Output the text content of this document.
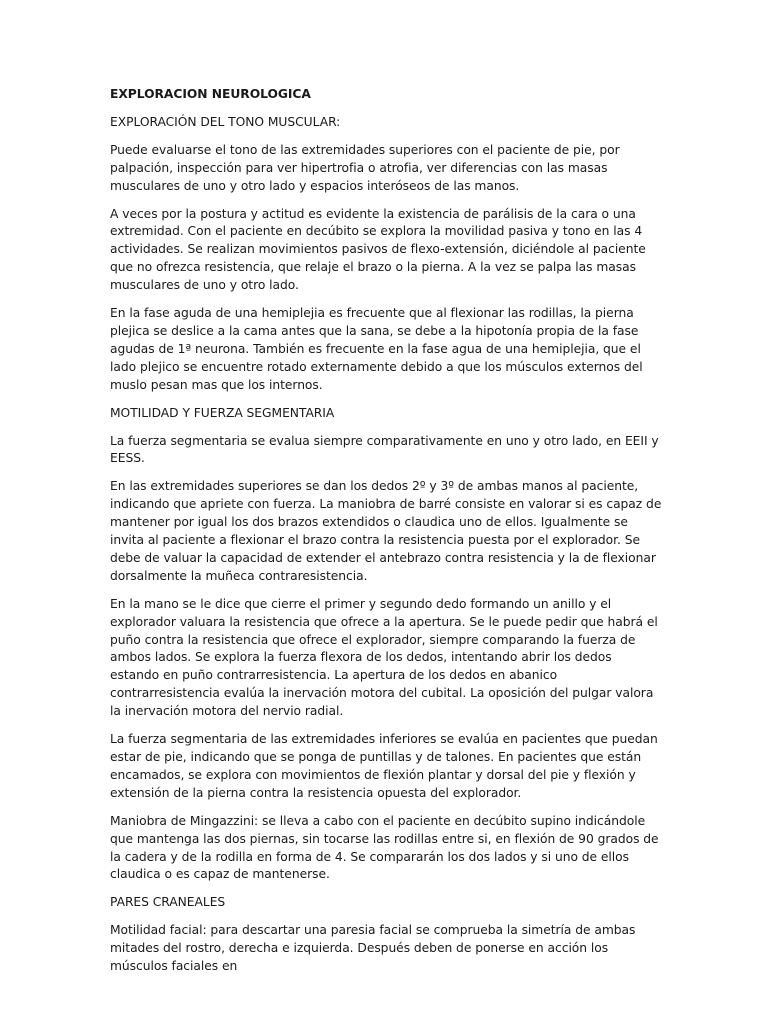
EXPLORACION NEUROLOGICA
EXPLORACIÓN DEL TONO MUSCULAR:

Puede evaluarse el tono de las extremidades superiores con el paciente de pie, por palpación, inspección para ver hipertrofia o atrofia, ver diferencias con las masas musculares de uno y otro lado y espacios interóseos de las manos.

A veces por la postura y actitud es evidente la existencia de parálisis de la cara o una extremidad. Con el paciente en decúbito se explora la movilidad pasiva y tono en las 4 actividades. Se realizan movimientos pasivos de flexo-extensión, diciéndole al paciente que no ofrezca resistencia, que relaje el brazo o la pierna. A la vez se palpa las masas musculares de uno y otro lado.

En la fase aguda de una hemiplejia es frecuente que al flexionar las rodillas, la pierna plejica se deslice a la cama antes que la sana, se debe a la hipotonía propia de la fase agudas de 1ª neurona. También es frecuente en la fase agua de una hemiplejia, que el lado plejico se encuentre rotado externamente debido a que los músculos externos del muslo pesan mas que los internos.

MOTILIDAD Y FUERZA SEGMENTARIA

La fuerza segmentaria se evalua siempre comparativamente en uno y otro lado, en EEII y EESS.

En las extremidades superiores se dan los dedos 2º y 3º de ambas manos al paciente, indicando que apriete con fuerza. La maniobra de barré consiste en valorar si es capaz de mantener por igual los dos brazos extendidos o claudica uno de ellos. Igualmente se invita al paciente a flexionar el brazo contra la resistencia puesta por el explorador. Se debe de valuar la capacidad de extender el antebrazo contra resistencia y la de flexionar dorsalmente la muñeca contraresistencia.

En la mano se le dice que cierre el primer y segundo dedo formando un anillo y el explorador valuara la resistencia que ofrece a la apertura. Se le puede pedir que habrá el puño contra la resistencia que ofrece el explorador, siempre comparando la fuerza de ambos lados. Se explora la fuerza flexora de los dedos, intentando abrir los dedos estando en puño contrarresistencia. La apertura de los dedos en abanico contrarresistencia evalúa la inervación motora del cubital. La oposición del pulgar valora la inervación motora del nervio radial.

La fuerza segmentaria de las extremidades inferiores se evalúa en pacientes que puedan estar de pie, indicando que se ponga de puntillas y de talones. En pacientes que están encamados, se explora con movimientos de flexión plantar y dorsal del pie y flexión y extensión de la pierna contra la resistencia opuesta del explorador.

Maniobra de Mingazzini: se lleva a cabo con el paciente en decúbito supino indicándole que mantenga las dos piernas, sin tocarse las rodillas entre si, en flexión de 90 grados de la cadera y de la rodilla en forma de 4. Se compararán los dos lados y si uno de ellos claudica o es capaz de mantenerse.

PARES CRANEALES

Motilidad facial: para descartar una paresia facial se comprueba la simetría de ambas mitades del rostro, derecha e izquierda. Después deben de ponerse en acción los músculos faciales en
